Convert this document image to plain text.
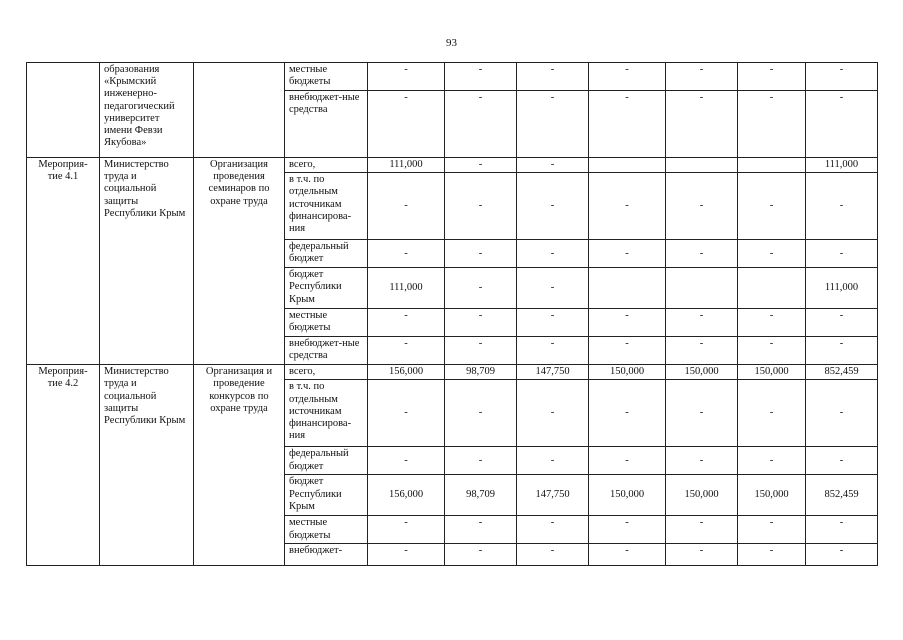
93
	образования «Крымский инженерно-педагогический университет имени Февзи Якубова»		местные бюджеты	-	-	-	-	-	-	-
			внебюджет-ные средства	-	-	-	-	-	-	-
Мероприя-тие 4.1	Министерство труда и социальной защиты Республики Крым	Организация проведения семинаров по охране труда	всего,	111,000	-	-				111,000
			в т.ч. по отдельным источникам финансирова-ния	-	-	-	-	-	-	-
			федеральный бюджет	-	-	-	-	-	-	-
			бюджет Республики Крым	111,000	-	-				111,000
			местные бюджеты	-	-	-	-	-	-	-
			внебюджет-ные средства	-	-	-	-	-	-	-
Мероприя-тие 4.2	Министерство труда и социальной защиты Республики Крым	Организация и проведение конкурсов по охране труда	всего,	156,000	98,709	147,750	150,000	150,000	150,000	852,459
			в т.ч. по отдельным источникам финансирова-ния	-	-	-	-	-	-	-
			федеральный бюджет	-	-	-	-	-	-	-
			бюджет Республики Крым	156,000	98,709	147,750	150,000	150,000	150,000	852,459
			местные бюджеты	-	-	-	-	-	-	-
			внебюджет-	-	-	-	-	-	-	-
